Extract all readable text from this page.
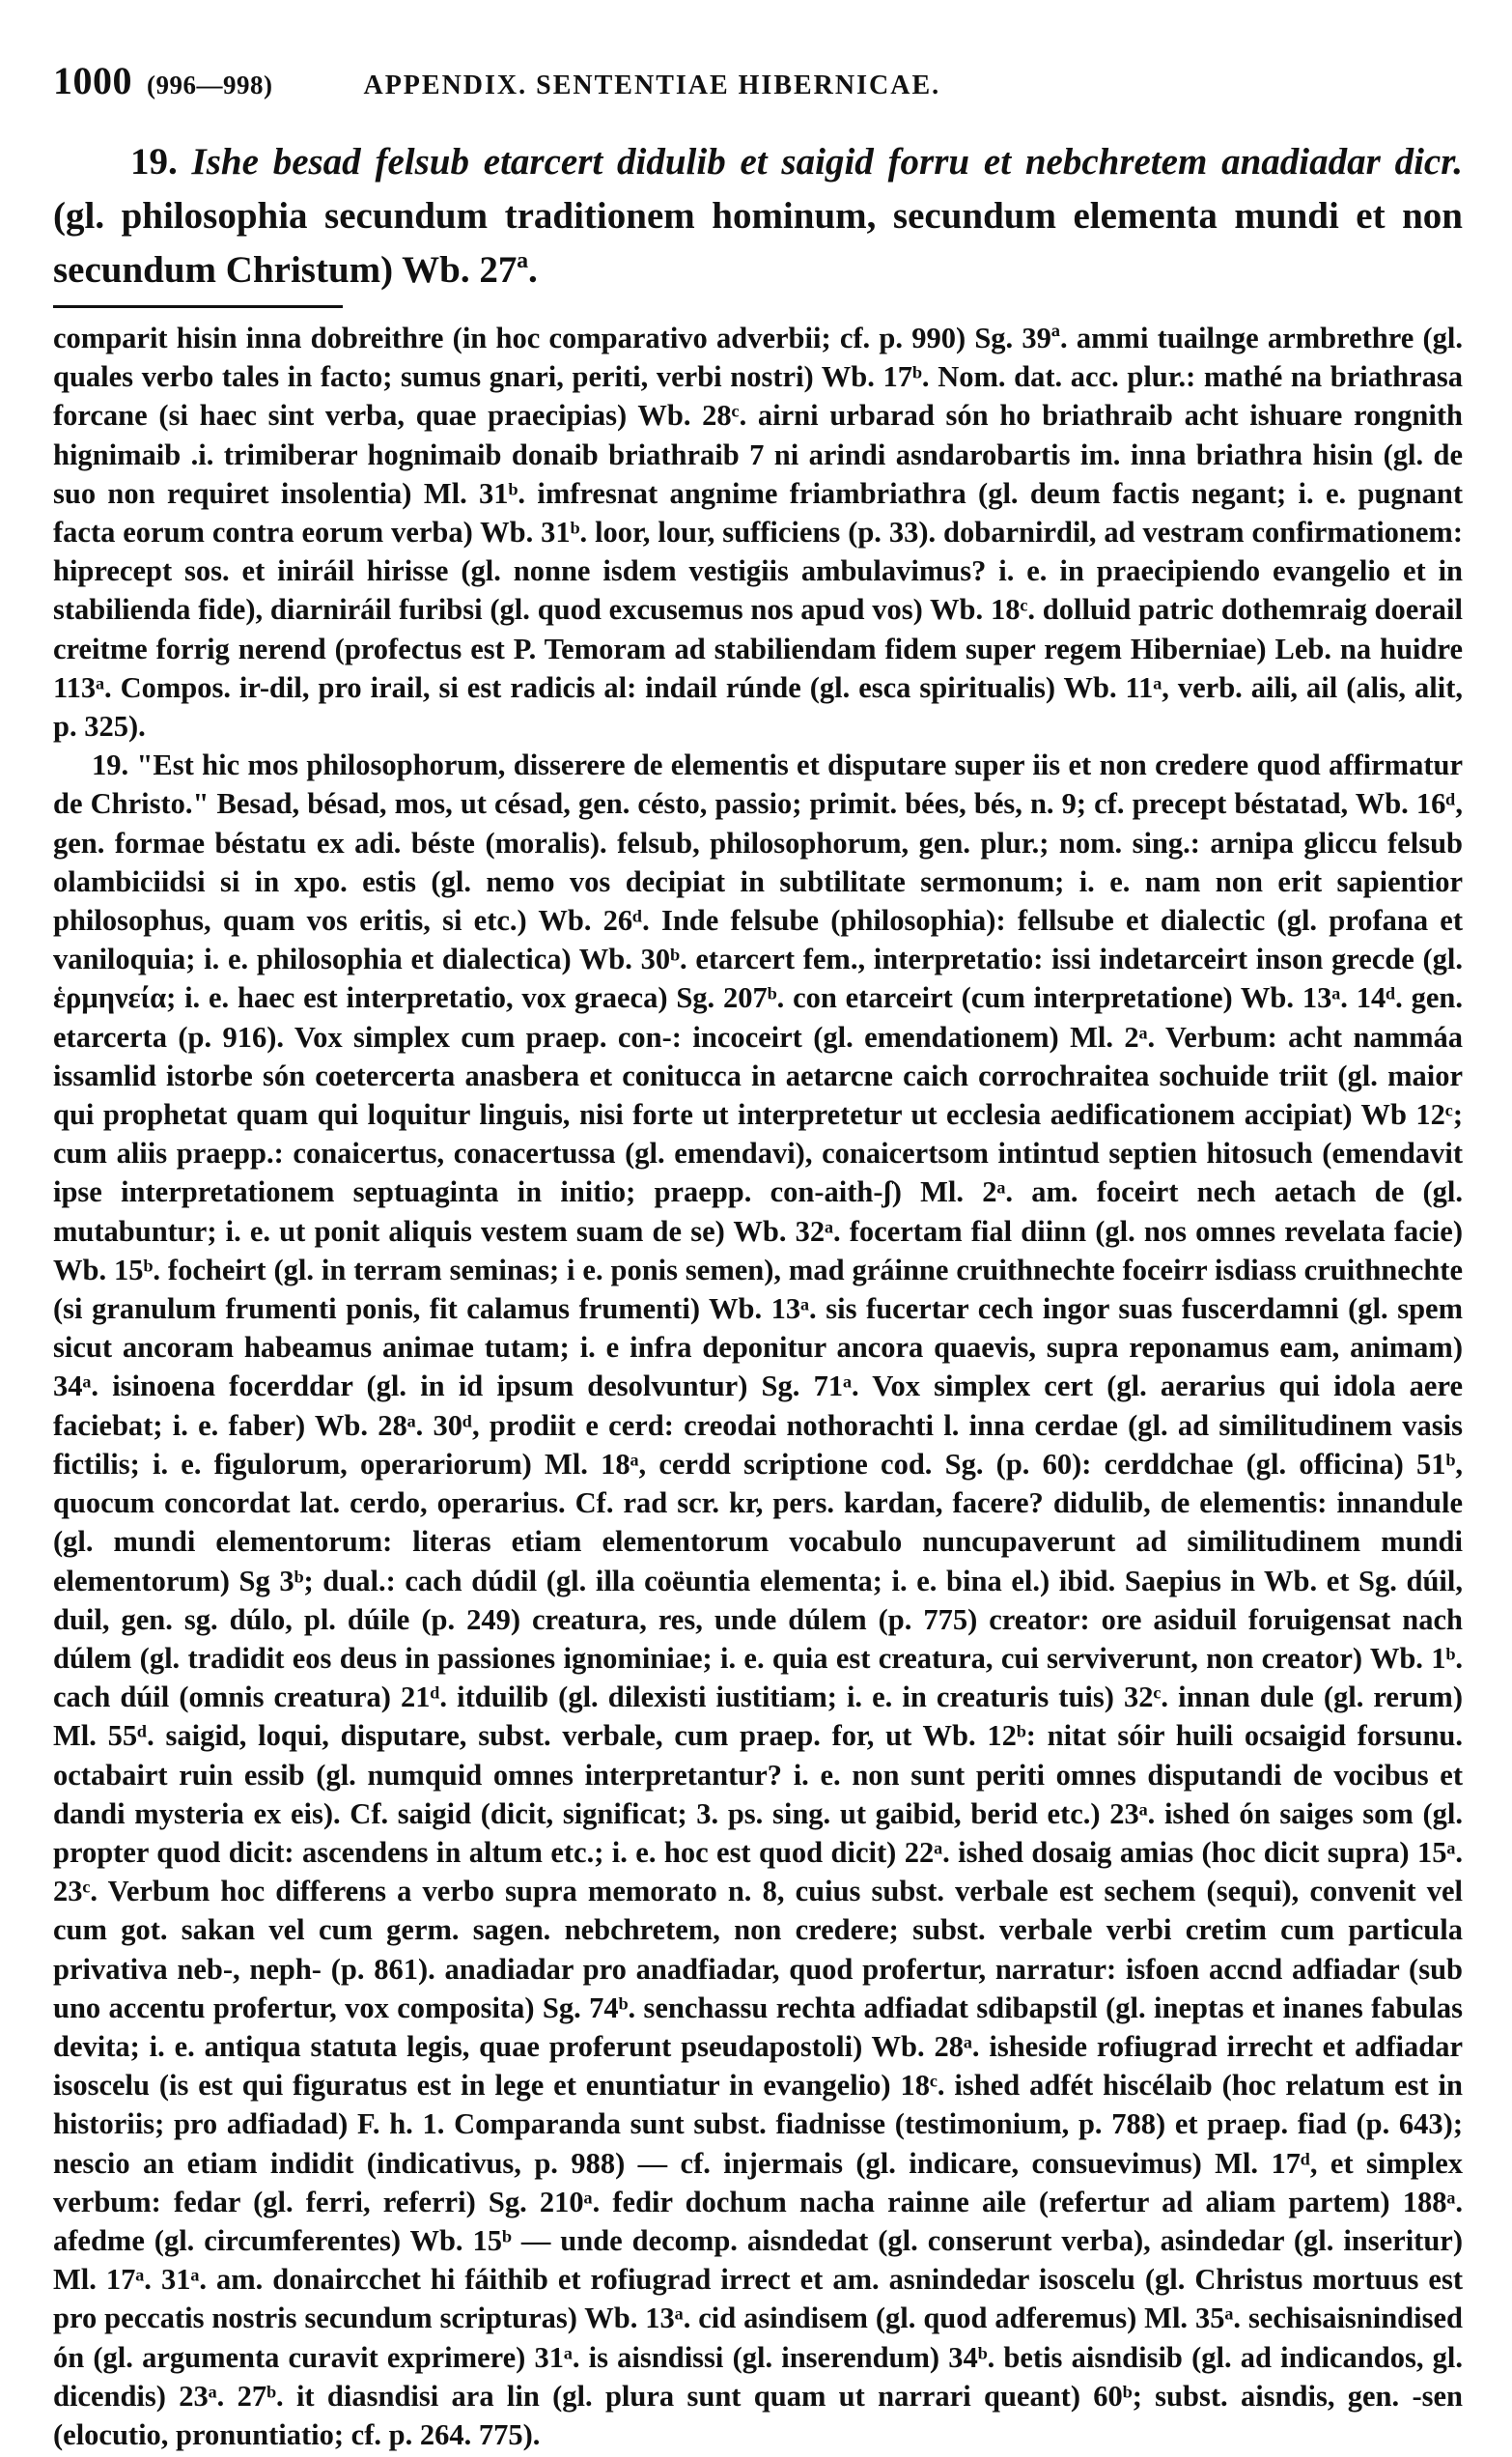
1000 (996—998)	APPENDIX. SENTENTIAE HIBERNICAE.
19. Ishe besad felsub etarcert didulib et saigid forru et nebchretem anadiadar dicr. (gl. philosophia secundum traditionem hominum, secundum elementa mundi et non secundum Christum) Wb. 27ª.

comparit hisin inna dobreithre (in hoc comparativo adverbii; cf. p. 990) Sg. 39ª. ammi tuailnge armbrethre (gl. quales verbo tales in facto; sumus gnari, periti, verbi nostri) Wb. 17ᵇ. Nom. dat. acc. plur.: mathé na briathrasa forcane (si haec sint verba, quae praecipias) Wb. 28ᶜ. airni urbarad són ho briathraib acht ishuare rongnith hignimaib .i. trimiberar hognimaib donaib briathraib 7 ni arindi asndarobartis im. inna briathra hisin (gl. de suo non requiret insolentia) Ml. 31ᵇ. imfresnat angnime friambriathra (gl. deum factis negant; i. e. pugnant facta eorum contra eorum verba) Wb. 31ᵇ. loor, lour, sufficiens (p. 33). dobarnirdil, ad vestram confirmationem: hiprecept sos. et iniráil hirisse (gl. nonne isdem vestigiis ambulavimus? i. e. in praecipiendo evangelio et in stabilienda fide), diarniráil furibsi (gl. quod excusemus nos apud vos) Wb. 18ᶜ. dolluid patric dothemraig doerail creitme forrig nerend (profectus est P. Temoram ad stabiliendam fidem super regem Hiberniae) Leb. na huidre 113ᵃ. Compos. ir-dil, pro irail, si est radicis al: indail rúnde (gl. esca spiritualis) Wb. 11ᵃ, verb. aili, ail (alis, alit, p. 325).

19. "Est hic mos philosophorum, disserere de elementis et disputare super iis et non credere quod affirmatur de Christo." Besad, bésad, mos, ut césad, gen. césto, passio; primit. bées, bés, n. 9; cf. precept béstatad, Wb. 16ᵈ, gen. formae béstatu ex adi. béste (moralis). felsub, philosophorum, gen. plur.; nom. sing.: arnipa gliccu felsub olambiciidsi si in xpo. estis (gl. nemo vos decipiat in subtilitate sermonum; i. e. nam non erit sapientior philosophus, quam vos eritis, si etc.) Wb. 26ᵈ. Inde felsube (philosophia): fellsube et dialectic (gl. profana et vaniloquia; i. e. philosophia et dialectica) Wb. 30ᵇ. etarcert fem., interpretatio: issi indetarceirt inson grecde (gl. ἑρμηνεία; i. e. haec est interpretatio, vox graeca) Sg. 207ᵇ. con etarceirt (cum interpretatione) Wb. 13ᵃ. 14ᵈ. gen. etarcerta (p. 916). Vox simplex cum praep. con-: incoceirt (gl. emendationem) Ml. 2ᵃ. Verbum: acht nammáa issamlid istorbe són coetercerta anasbera et conitucca in aetarcne caich corrochraitea sochuide triit (gl. maior qui prophetat quam qui loquitur linguis, nisi forte ut interpretetur ut ecclesia aedificationem accipiat) Wb 12ᶜ; cum aliis praepp.: conaicertus, conacertussa (gl. emendavi), conaicertsom intintud septien hitosuch (emendavit ipse interpretationem septuaginta in initio; praepp. con-aith-ʃ) Ml. 2ᵃ. am. foceirt nech aetach de (gl. mutabuntur; i. e. ut ponit aliquis vestem suam de se) Wb. 32ᵃ. focertam fial diinn (gl. nos omnes revelata facie) Wb. 15ᵇ. focheirt (gl. in terram seminas; i e. ponis semen), mad gráinne cruithnechte foceirr isdiass cruithnechte (si granulum frumenti ponis, fit calamus frumenti) Wb. 13ᵃ. sis fucertar cech ingor suas fuscerdamni (gl. spem sicut ancoram habeamus animae tutam; i. e infra deponitur ancora quaevis, supra reponamus eam, animam) 34ᵃ. isinoena focerddar (gl. in id ipsum desolvuntur) Sg. 71ᵃ. Vox simplex cert (gl. aerarius qui idola aere faciebat; i. e. faber) Wb. 28ᵃ. 30ᵈ, prodiit e cerd: creodai nothorachti l. inna cerdae (gl. ad similitudinem vasis fictilis; i. e. figulorum, operariorum) Ml. 18ᵃ, cerdd scriptione cod. Sg. (p. 60): cerddchae (gl. officina) 51ᵇ, quocum concordat lat. cerdo, operarius. Cf. rad scr. kr, pers. kardan, facere? didulib, de elementis: innandule (gl. mundi elementorum: literas etiam elementorum vocabulo nuncupaverunt ad similitudinem mundi elementorum) Sg 3ᵇ; dual.: cach dúdil (gl. illa coëuntia elementa; i. e. bina el.) ibid. Saepius in Wb. et Sg. dúil, duil, gen. sg. dúlo, pl. dúile (p. 249) creatura, res, unde dúlem (p. 775) creator: ore asiduil foruigensat nach dúlem (gl. tradidit eos deus in passiones ignominiae; i. e. quia est creatura, cui serviverunt, non creator) Wb. 1ᵇ. cach dúil (omnis creatura) 21ᵈ. itduilib (gl. dilexisti iustitiam; i. e. in creaturis tuis) 32ᶜ. innan dule (gl. rerum) Ml. 55ᵈ. saigid, loqui, disputare, subst. verbale, cum praep. for, ut Wb. 12ᵇ: nitat sóir huili ocsaigid forsunu. octabairt ruin essib (gl. numquid omnes interpretantur? i. e. non sunt periti omnes disputandi de vocibus et dandi mysteria ex eis). Cf. saigid (dicit, significat; 3. ps. sing. ut gaibid, berid etc.) 23ᵃ. ished ón saiges som (gl. propter quod dicit: ascendens in altum etc.; i. e. hoc est quod dicit) 22ᵃ. ished dosaig amias (hoc dicit supra) 15ᵃ. 23ᶜ. Verbum hoc differens a verbo supra memorato n. 8, cuius subst. verbale est sechem (sequi), convenit vel cum got. sakan vel cum germ. sagen. nebchretem, non credere; subst. verbale verbi cretim cum particula privativa neb-, neph- (p. 861). anadiadar pro anadfiadar, quod profertur, narratur: isfoen accnd adfiadar (sub uno accentu profertur, vox composita) Sg. 74ᵇ. senchassu rechta adfiadat sdibapstil (gl. ineptas et inanes fabulas devita; i. e. antiqua statuta legis, quae proferunt pseudapostoli) Wb. 28ᵃ. isheside rofiugrad irrecht et adfiadar isoscelu (is est qui figuratus est in lege et enuntiatur in evangelio) 18ᶜ. ished adfét hiscélaib (hoc relatum est in historiis; pro adfiadad) F. h. 1. Comparanda sunt subst. fiadnisse (testimonium, p. 788) et praep. fiad (p. 643); nescio an etiam indidit (indicativus, p. 988) — cf. injermais (gl. indicare, consuevimus) Ml. 17ᵈ, et simplex verbum: fedar (gl. ferri, referri) Sg. 210ᵃ. fedir dochum nacha rainne aile (refertur ad aliam partem) 188ᵃ. afedme (gl. circumferentes) Wb. 15ᵇ — unde decomp. aisndedat (gl. conserunt verba), asindedar (gl. inseritur) Ml. 17ᵃ. 31ᵃ. am. donaircchet hi fáithib et rofiugrad irrect et am. asnindedar isoscelu (gl. Christus mortuus est pro peccatis nostris secundum scripturas) Wb. 13ᵃ. cid asindisem (gl. quod adferemus) Ml. 35ᵃ. sechisaisnindised ón (gl. argumenta curavit exprimere) 31ᵃ. is aisndissi (gl. inserendum) 34ᵇ. betis aisndisib (gl. ad indicandos, gl. dicendis) 23ᵃ. 27ᵇ. it diasndisi ara lin (gl. plura sunt quam ut narrari queant) 60ᵇ; subst. aisndis, gen. -sen (elocutio, pronuntiatio; cf. p. 264. 775).
